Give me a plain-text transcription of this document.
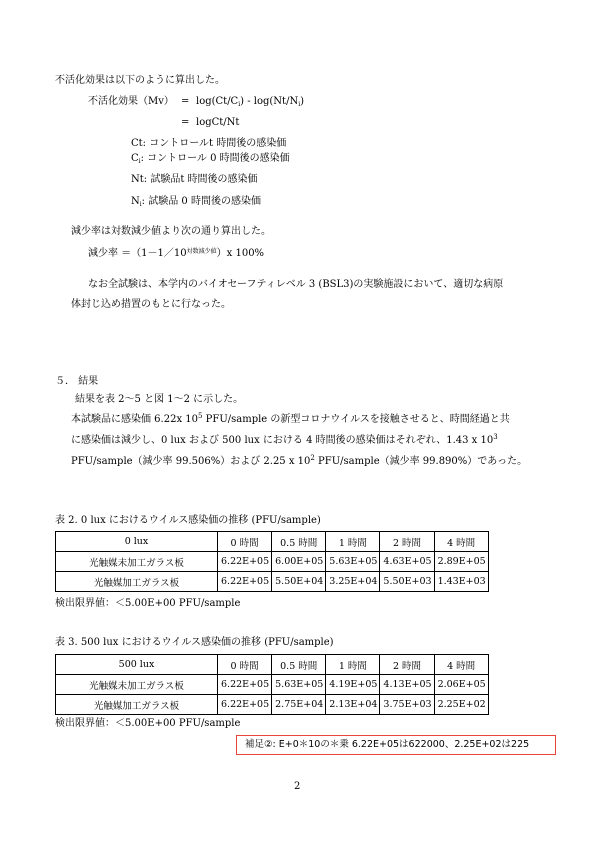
不活化効果は以下のように算出した。
不活化効果$(Mv) = \log(Ct/C_i) - \log(Nt/N_i)$
= logCt/Nt
Ct: コントロールt 時間後の感染価
$C_i$: コントロール 0 時間後の感染価
Nt: 試験品t 時間後の感染価
$N_i$: 試験品 0 時間後の感染価
減少率は対数減少値より次の通り算出した。
減少率 $=(1-1/10^{対数減少値})x$ 100%
なお全試験は、本学内のバイオセーフティレベル 3 (BSL3)の実験施設において、適切な病原
体封じ込め措置のもとに行なった。
５． 結果
結果を表 2～5 と図 1～2 に示した。
本試験品に感染価 6.22x $10^5$ PFU/sample の新型コロナウイルスを接触させると、時間経過と共
に感染価は減少し、0 lux および 500 lux における 4 時間後の感染価はそれぞれ、1.43 x $10^3$
PFU/sample（減少率 99.506%）および 2.25 x $10^2$ PFU/sample（減少率 99.890%）であった。
表 2. 0 lux におけるウイルス感染価の推移 (PFU/sample)
0 lux	0 時間	0.5 時間	1 時間	2 時間	4 時間
光触媒未加工ガラス板	6.22E+05	6.00E+05	5.63E+05	4.63E+05	2.89E+05
光触媒加工ガラス板	6.22E+05	5.50E+04	3.25E+04	5.50E+03	1.43E+03
検出限界値：＜5.00E+00 PFU/sample
表 3. 500 lux におけるウイルス感染価の推移 (PFU/sample)
500 lux	0 時間	0.5 時間	1 時間	2 時間	4 時間
光触媒未加工ガラス板	6.22E+05	5.63E+05	4.19E+05	4.13E+05	2.06E+05
光触媒加工ガラス板	6.22E+05	2.75E+04	2.13E+04	3.75E+03	2.25E+02
検出限界値：＜5.00E+00 PFU/sample
補足②: E+0＊10の＊乗 6.22E+05は622000、2.25E+02は225
2
